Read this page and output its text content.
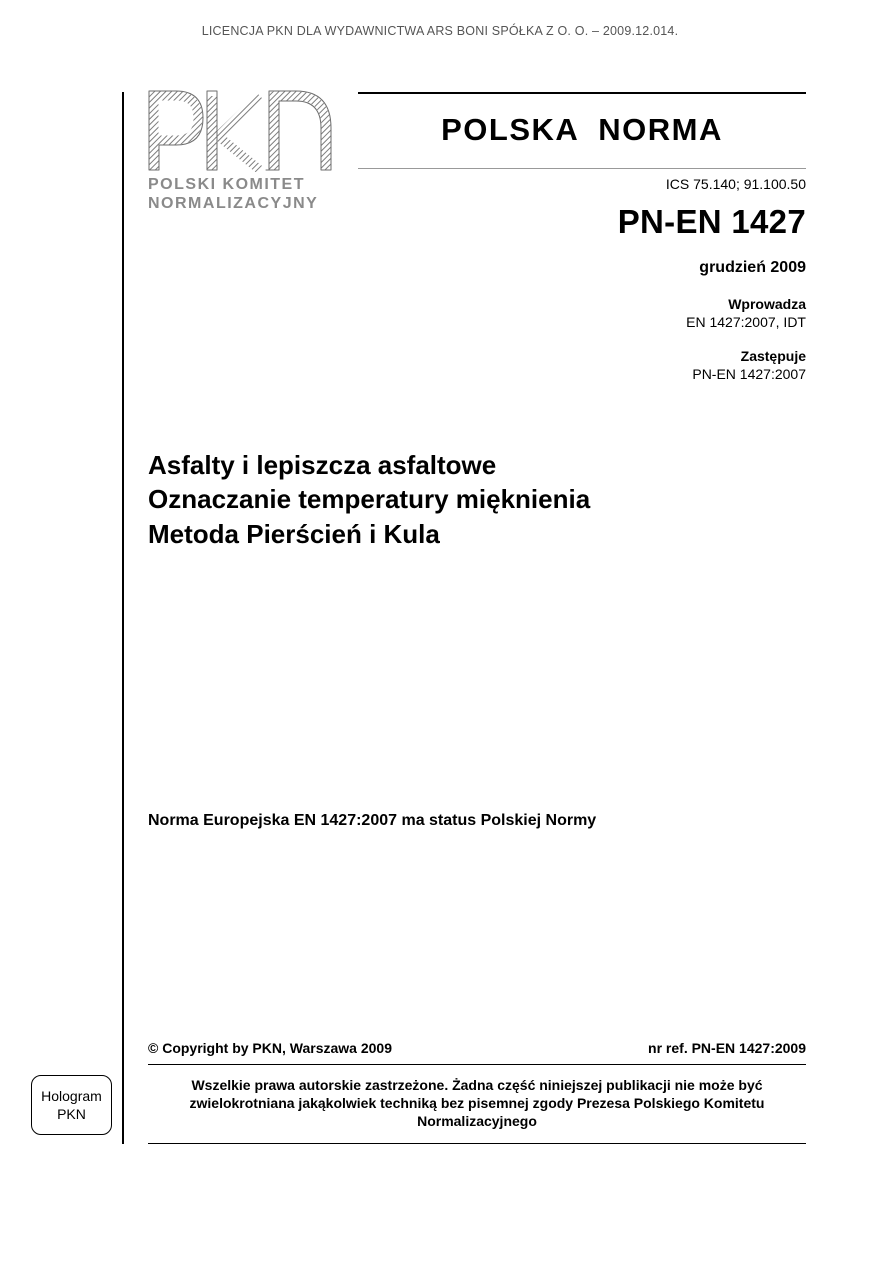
LICENCJA PKN DLA WYDAWNICTWA ARS BONI SPÓŁKA Z O. O. – 2009.12.014.
POLSKI KOMITET
NORMALIZACYJNY
POLSKA NORMA
ICS 75.140; 91.100.50
PN-EN 1427
grudzień 2009
Wprowadza
EN 1427:2007, IDT
Zastępuje
PN-EN 1427:2007
Asfalty i lepiszcza asfaltowe
Oznaczanie temperatury mięknienia
Metoda Pierścień i Kula
Norma Europejska EN 1427:2007 ma status Polskiej Normy
© Copyright by PKN, Warszawa 2009	nr ref. PN-EN 1427:2009
Wszelkie prawa autorskie zastrzeżone. Żadna część niniejszej publikacji nie może być zwielokrotniana jakąkolwiek techniką bez pisemnej zgody Prezesa Polskiego Komitetu Normalizacyjnego
Hologram
PKN
